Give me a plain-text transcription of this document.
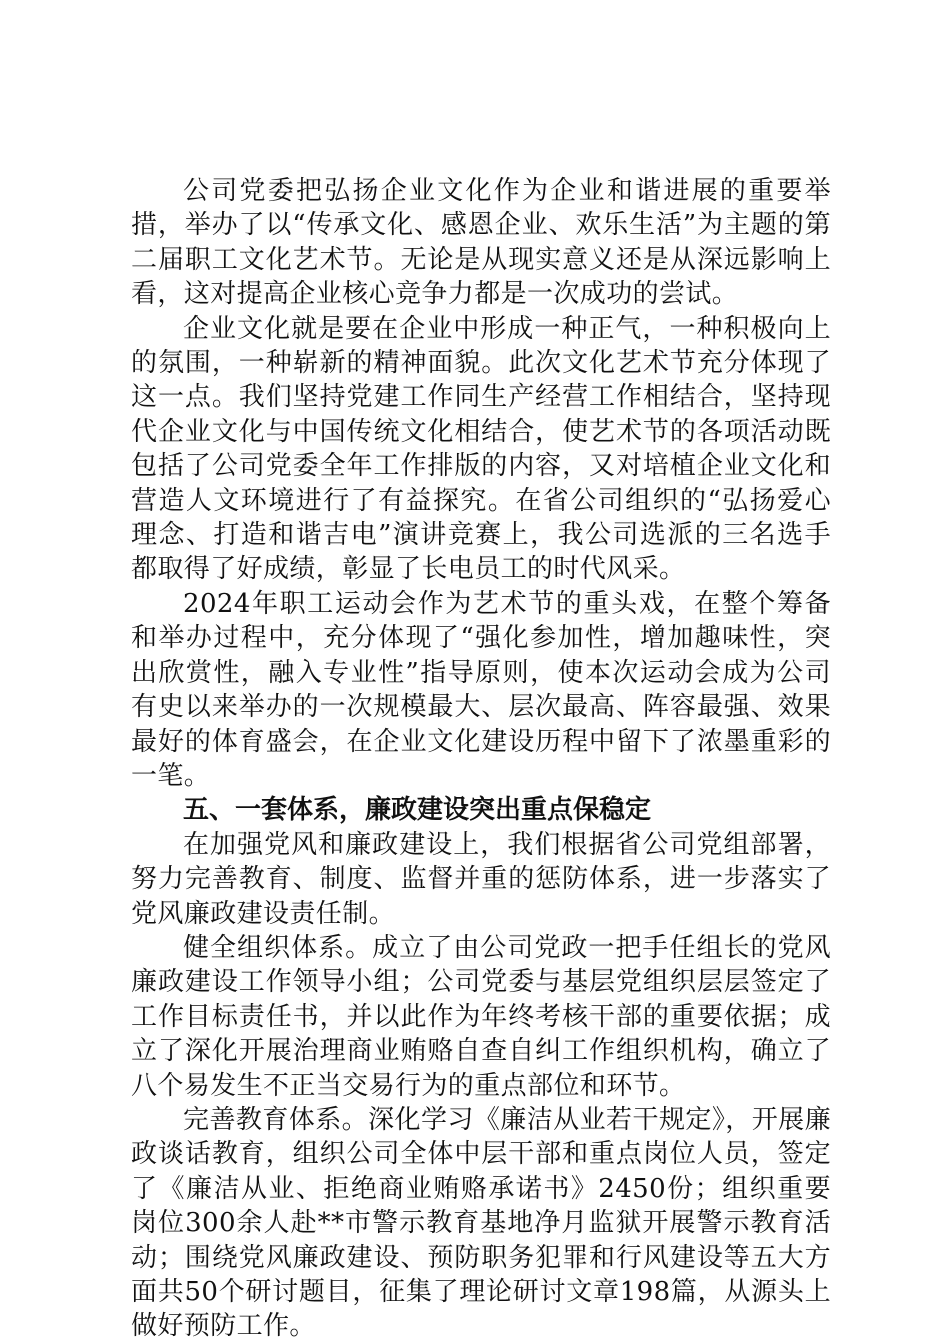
公司党委把弘扬企业文化作为企业和谐进展的重要举措，举办了以“传承文化、感恩企业、欢乐生活”为主题的第二届职工文化艺术节。无论是从现实意义还是从深远影响上看，这对提高企业核心竞争力都是一次成功的尝试。

企业文化就是要在企业中形成一种正气，一种积极向上的氛围，一种崭新的精神面貌。此次文化艺术节充分体现了这一点。我们坚持党建工作同生产经营工作相结合，坚持现代企业文化与中国传统文化相结合，使艺术节的各项活动既包括了公司党委全年工作排版的内容，又对培植企业文化和营造人文环境进行了有益探究。在省公司组织的“弘扬爱心理念、打造和谐吉电”演讲竞赛上，我公司选派的三名选手都取得了好成绩，彰显了长电员工的时代风采。

2024年职工运动会作为艺术节的重头戏，在整个筹备和举办过程中，充分体现了“强化参加性，增加趣味性，突出欣赏性，融入专业性”指导原则，使本次运动会成为公司有史以来举办的一次规模最大、层次最高、阵容最强、效果最好的体育盛会，在企业文化建设历程中留下了浓墨重彩的一笔。

五、一套体系，廉政建设突出重点保稳定

在加强党风和廉政建设上，我们根据省公司党组部署，努力完善教育、制度、监督并重的惩防体系，进一步落实了党风廉政建设责任制。

健全组织体系。成立了由公司党政一把手任组长的党风廉政建设工作领导小组；公司党委与基层党组织层层签定了工作目标责任书，并以此作为年终考核干部的重要依据；成立了深化开展治理商业贿赂自查自纠工作组织机构，确立了八个易发生不正当交易行为的重点部位和环节。

完善教育体系。深化学习《廉洁从业若干规定》，开展廉政谈话教育，组织公司全体中层干部和重点岗位人员，签定了《廉洁从业、拒绝商业贿赂承诺书》2450份；组织重要岗位300余人赴**市警示教育基地净月监狱开展警示教育活动；围绕党风廉政建设、预防职务犯罪和行风建设等五大方面共50个研讨题目，征集了理论研讨文章198篇，从源头上做好预防工作。
